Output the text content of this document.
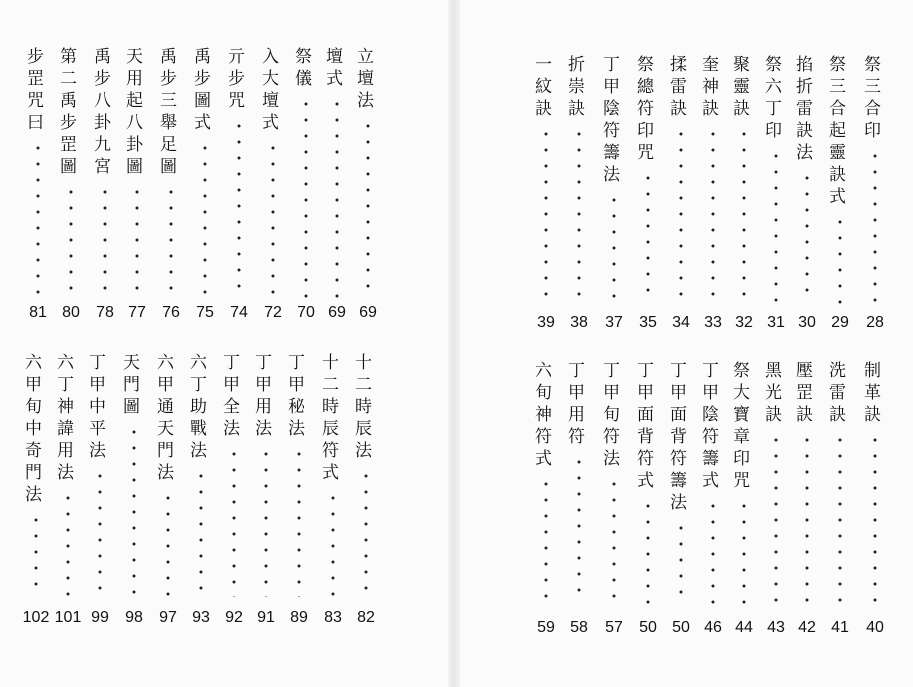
立
壇
法
69
壇
式
69
祭
儀
70
入
大
壇
式
72
亓
步
咒
74
禹
步
圖
式
75
禹
步
三
舉
足
圖
76
天
用
起
八
卦
圖
77
禹
步
八
卦
九
宮
78
第
二
禹
步
罡
圖
80
步
罡
咒
曰
81
十
二
時
辰
法
82
十
二
時
辰
符
式
83
丁
甲
秘
法
89
丁
甲
用
法
91
丁
甲
全
法
92
六
丁
助
戰
法
93
六
甲
通
天
門
法
97
天
門
圖
98
丁
甲
中
平
法
99
六
丁
神
諱
用
法
101
六
甲
旬
中
奇
門
法
102
祭
三
合
印
28
祭
三
合
起
靈
訣
式
29
掐
折
雷
訣
法
30
祭
六
丁
印
31
聚
靈
訣
32
奎
神
訣
33
揉
雷
訣
34
祭
總
符
印
咒
35
丁
甲
陰
符
籌
法
37
折
崇
訣
38
一
紋
訣
39
制
革
訣
40
洗
雷
訣
41
壓
罡
訣
42
黑
光
訣
43
祭
大
寶
章
印
咒
44
丁
甲
陰
符
籌
式
46
丁
甲
面
背
符
籌
法
50
丁
甲
面
背
符
式
50
丁
甲
旬
符
法
57
丁
甲
用
符
58
六
旬
神
符
式
59
